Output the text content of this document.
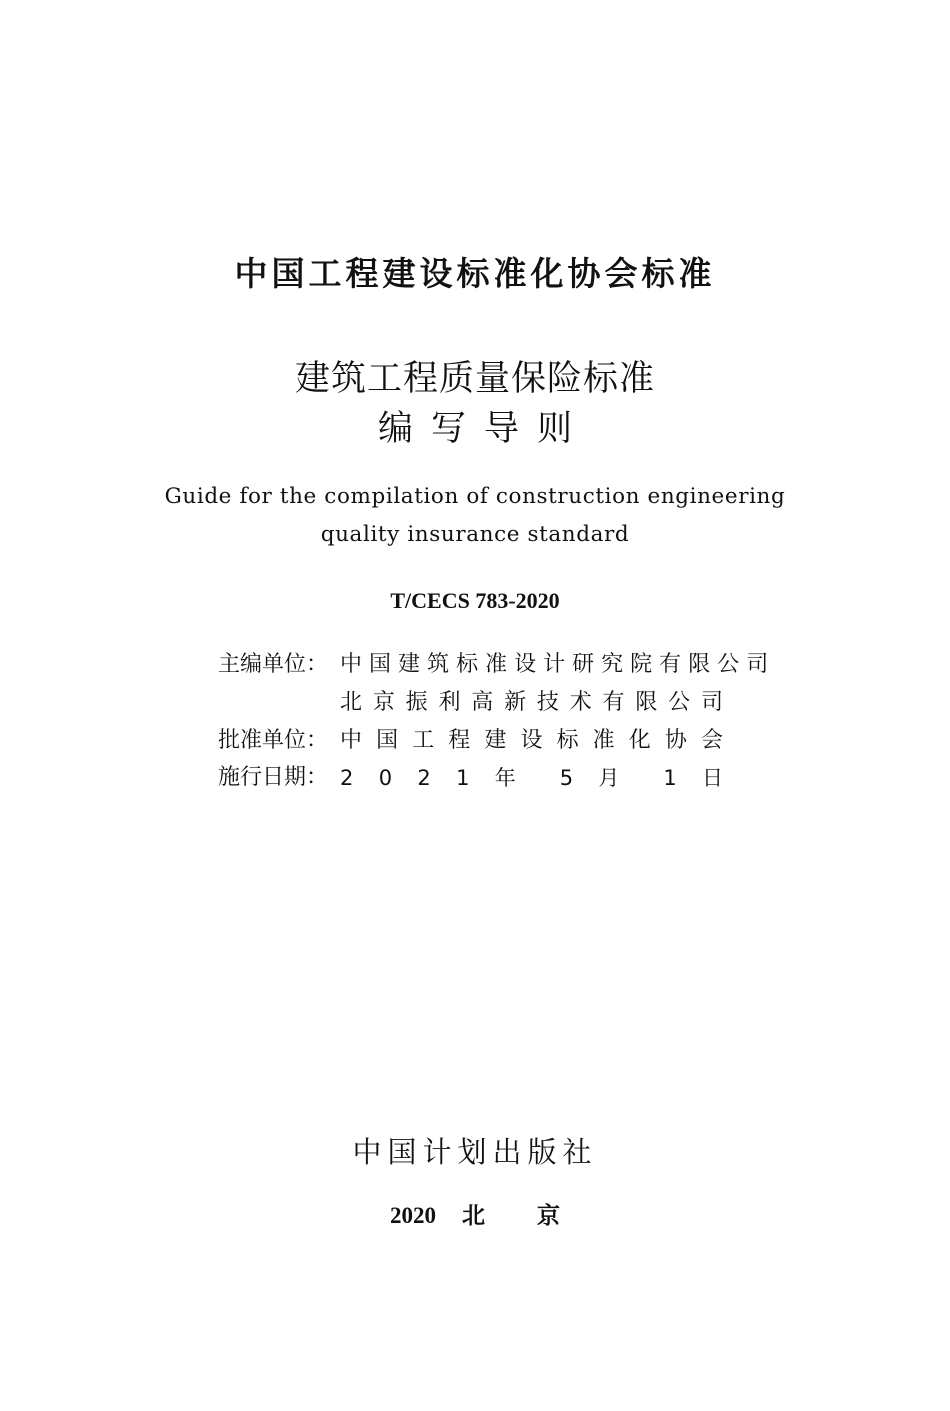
中国工程建设标准化协会标准

建筑工程质量保险标准

编写导则

Guide for the compilation of construction engineering

quality insurance standard

T/CECS 783-2020

主编单位： 中 国 建 筑 标 准 设 计 研 究 院 有 限 公 司
北 京 振 利 高 新 技 术 有 限 公 司
批准单位： 中 国 工 程 建 设 标 准 化 协 会
施行日期： 2 0 2 1 年 5 月 1 日

中国计划出版社

2020 北京
